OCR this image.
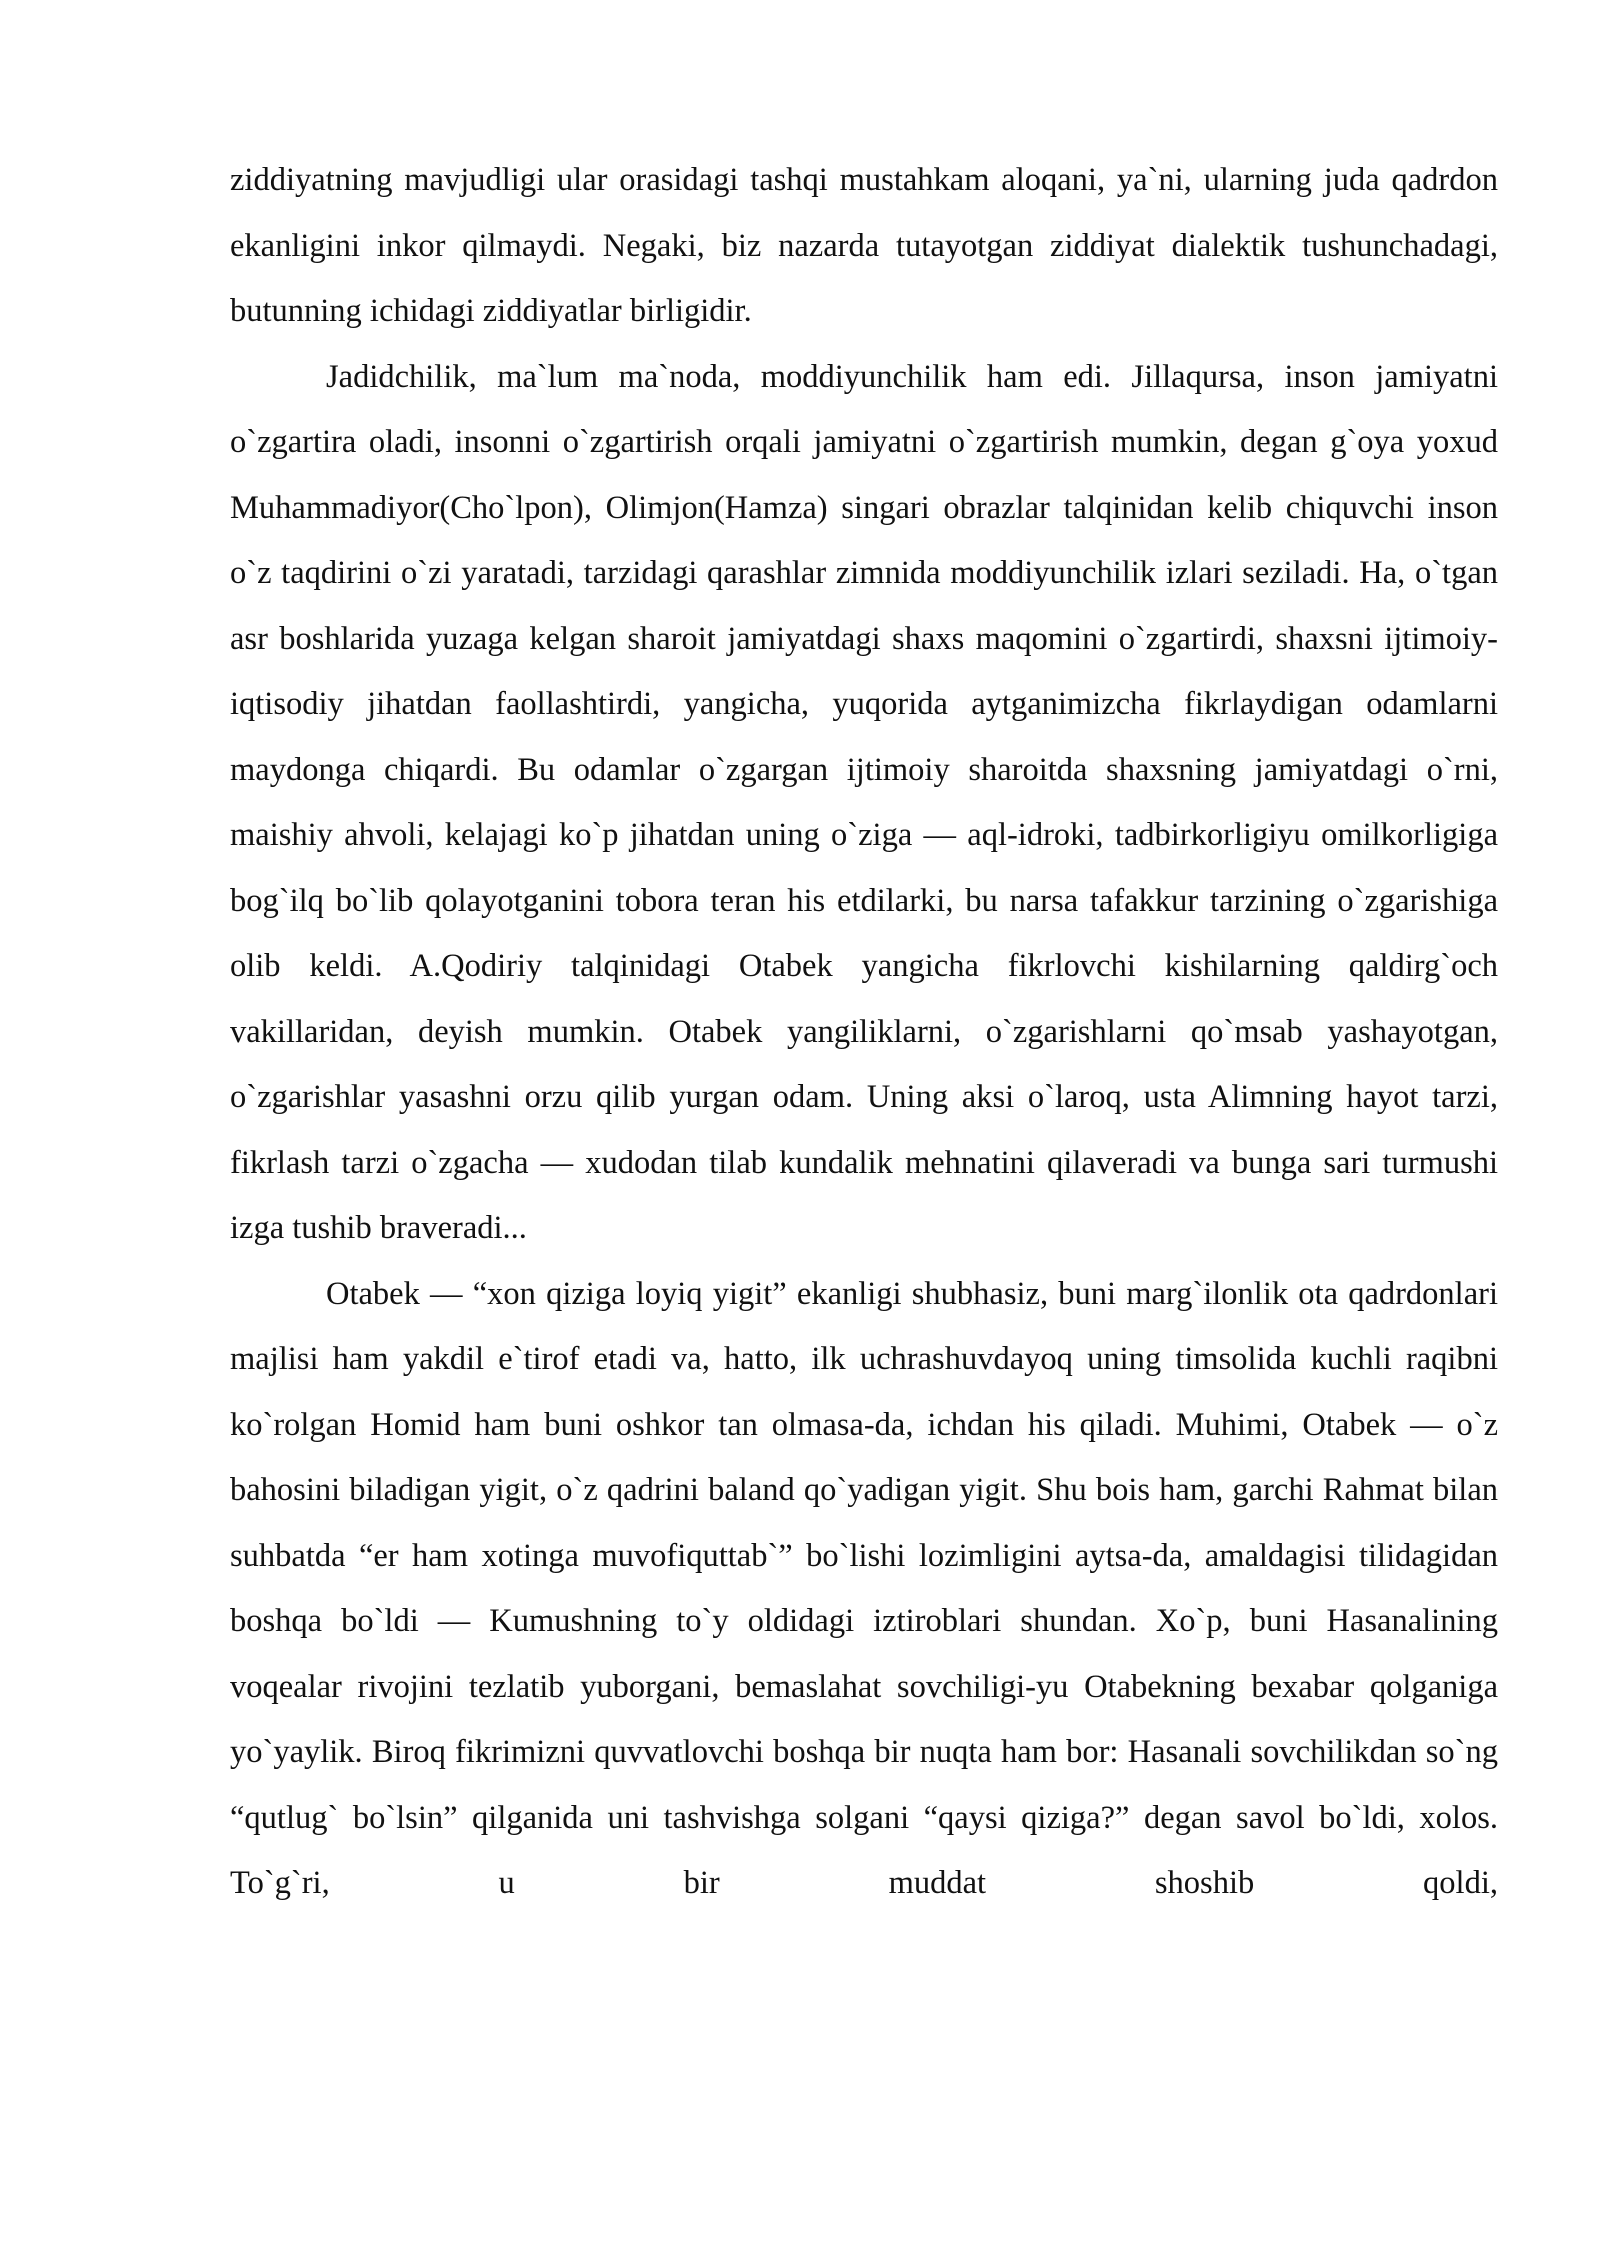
ziddiyatning mavjudligi ular orasidagi tashqi mustahkam aloqani, ya`ni, ularning juda qadrdon ekanligini inkor qilmaydi. Negaki, biz nazarda tutayotgan ziddiyat dialektik tushunchadagi, butunning ichidagi ziddiyatlar birligidir.

Jadidchilik, ma`lum ma`noda, moddiyunchilik ham edi. Jillaqursa, inson jamiyatni o`zgartira oladi, insonni o`zgartirish orqali jamiyatni o`zgartirish mumkin, degan g`oya yoxud Muhammadiyor(Cho`lpon), Olimjon(Hamza) singari obrazlar talqinidan kelib chiquvchi inson o`z taqdirini o`zi yaratadi, tarzidagi qarashlar zimnida moddiyunchilik izlari seziladi. Ha, o`tgan asr boshlarida yuzaga kelgan sharoit jamiyatdagi shaxs maqomini o`zgartirdi, shaxsni ijtimoiy-iqtisodiy jihatdan faollashtirdi, yangicha, yuqorida aytganimizcha fikrlaydigan odamlarni maydonga chiqardi. Bu odamlar o`zgargan ijtimoiy sharoitda shaxsning jamiyatdagi o`rni, maishiy ahvoli, kelajagi ko`p jihatdan uning o`ziga — aql-idroki, tadbirkorligiyu omilkorligiga bog`ilq bo`lib qolayotganini tobora teran his etdilarki, bu narsa tafakkur tarzining o`zgarishiga olib keldi. A.Qodiriy talqinidagi Otabek yangicha fikrlovchi kishilarning qaldirg`och vakillaridan, deyish mumkin. Otabek yangiliklarni, o`zgarishlarni qo`msab yashayotgan, o`zgarishlar yasashni orzu qilib yurgan odam. Uning aksi o`laroq, usta Alimning hayot tarzi, fikrlash tarzi o`zgacha — xudodan tilab kundalik mehnatini qilaveradi va bunga sari turmushi izga tushib braveradi...

Otabek — “xon qiziga loyiq yigit” ekanligi shubhasiz, buni marg`ilonlik ota qadrdonlari majlisi ham yakdil e`tirof etadi va, hatto, ilk uchrashuvdayoq uning timsolida kuchli raqibni ko`rolgan Homid ham buni oshkor tan olmasa-da, ichdan his qiladi. Muhimi, Otabek — o`z bahosini biladigan yigit, o`z qadrini baland qo`yadigan yigit. Shu bois ham, garchi Rahmat bilan suhbatda “er ham xotinga muvofiquttab`” bo`lishi lozimligini aytsa-da, amaldagisi tilidagidan boshqa bo`ldi — Kumushning to`y oldidagi iztiroblari shundan. Xo`p, buni Hasanalining voqealar rivojini tezlatib yuborgani, bemaslahat sovchiligi-yu Otabekning bexabar qolganiga yo`yaylik. Biroq fikrimizni quvvatlovchi boshqa bir nuqta ham bor: Hasanali sovchilikdan so`ng “qutlug` bo`lsin” qilganida uni tashvishga solgani “qaysi qiziga?” degan savol bo`ldi, xolos. To`g`ri, u bir muddat shoshib qoldi,
